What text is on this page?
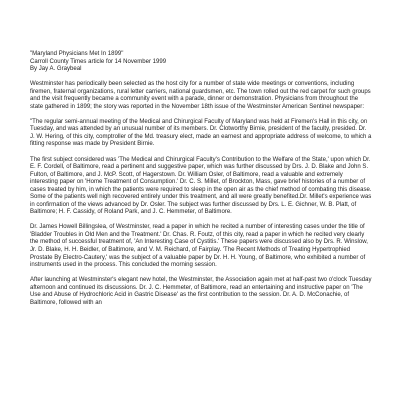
"Maryland Physicians Met In 1899"
Carroll County Times article for 14 November 1999
By Jay A. Graybeal

Westminster has periodically been selected as the host city for a number of state wide meetings or conventions, including firemen, fraternal organizations, rural letter carriers, national guardsmen, etc. The town rolled out the red carpet for such groups and the visit frequently became a community event with a parade, dinner or demonstration. Physicians from throughout the state gathered in 1899; the story was reported in the November 18th issue of the Westminster American Sentinel newspaper:

"The regular semi-annual meeting of the Medical and Chirurgical Faculty of Maryland was held at Firemen's Hall in this city, on Tuesday, and was attended by an unusual number of its members. Dr. Clotworthy Birnie, president of the faculty, presided. Dr. J. W. Hering, of this city, comptroller of the Md. treasury elect, made an earnest and appropriate address of welcome, to which a fitting response was made by President Birnie.

The first subject considered was 'The Medical and Chirurgical Faculty's Contribution to the Welfare of the State,' upon which Dr. E. F. Cordell, of Baltimore, read a pertinent and suggestive paper, which was further discussed by Drs. J. D. Blake and John S. Fulton, of Baltimore, and J. McP. Scott, of Hagerstown. Dr. William Osler, of Baltimore, read a valuable and extremely interesting paper on 'Home Treatment of Consumption.' Dr. C. S. Millet, of Brockton, Mass, gave brief histories of a number of cases treated by him, in which the patients were required to sleep in the open air as the chief method of combating this disease. Some of the patients well nigh recovered entirely under this treatment, and all were greatly benefited.Dr. Millet's experience was in confirmation of the views advanced by Dr. Osler. The subject was further discussed by Drs. L. E. Gichner, W. B. Platt, of Baltimore; H. F. Cassidy, of Roland Park, and J. C. Hemmeter, of Baltimore.

Dr. James Howell Billingslea, of Westminster, read a paper in which he recited a number of interesting cases under the title of 'Bladder Troubles in Old Men and the Treatment.' Dr. Chas. R. Foutz, of this city, read a paper in which he recited very clearly the method of successful treatment of, 'An Interesting Case of Cystitis.' These papers were discussed also by Drs. R. Winslow, Jr. D. Blake, H. H. Beidler, of Baltimore, and V. M. Reichard, of Fairplay. 'The Recent Methods of Treating Hypertrophied Prostate By Electro-Cautery,' was the subject of a valuable paper by Dr. H. H. Young, of Baltimore, who exhibited a number of instruments used in the process. This concluded the morning session.

After launching at Westminster's elegant new hotel, the Westminster, the Association again met at half-past two o'clock Tuesday afternoon and continued its discussions. Dr. J. C. Hemmeter, of Baltimore, read an entertaining and instructive paper on 'The Use and Abuse of Hydrochloric Acid in Gastric Disease' as the first contribution to the session. Dr. A. D. McConachie, of Baltimore, followed with an
